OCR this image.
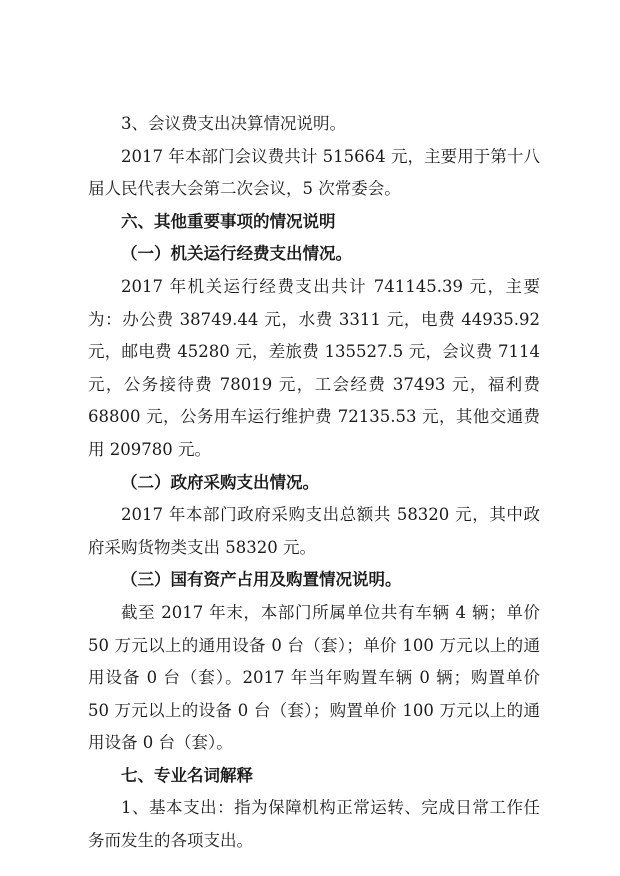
3、会议费支出决算情况说明。

2017 年本部门会议费共计 515664 元，主要用于第十八届人民代表大会第二次会议，5 次常委会。

六、其他重要事项的情况说明

（一）机关运行经费支出情况。

2017 年机关运行经费支出共计 741145.39 元，主要为：办公费 38749.44 元，水费 3311 元，电费 44935.92 元，邮电费 45280 元，差旅费 135527.5 元，会议费 7114 元，公务接待费 78019 元，工会经费 37493 元，福利费 68800 元，公务用车运行维护费 72135.53 元，其他交通费用 209780 元。

（二）政府采购支出情况。

2017 年本部门政府采购支出总额共 58320 元，其中政府采购货物类支出 58320 元。

（三）国有资产占用及购置情况说明。

截至 2017 年末，本部门所属单位共有车辆 4 辆；单价 50 万元以上的通用设备 0 台（套）；单价 100 万元以上的通用设备 0 台（套）。2017 年当年购置车辆 0 辆；购置单价 50 万元以上的设备 0 台（套）；购置单价 100 万元以上的通用设备 0 台（套）。

七、专业名词解释

1、基本支出：指为保障机构正常运转、完成日常工作任务而发生的各项支出。
